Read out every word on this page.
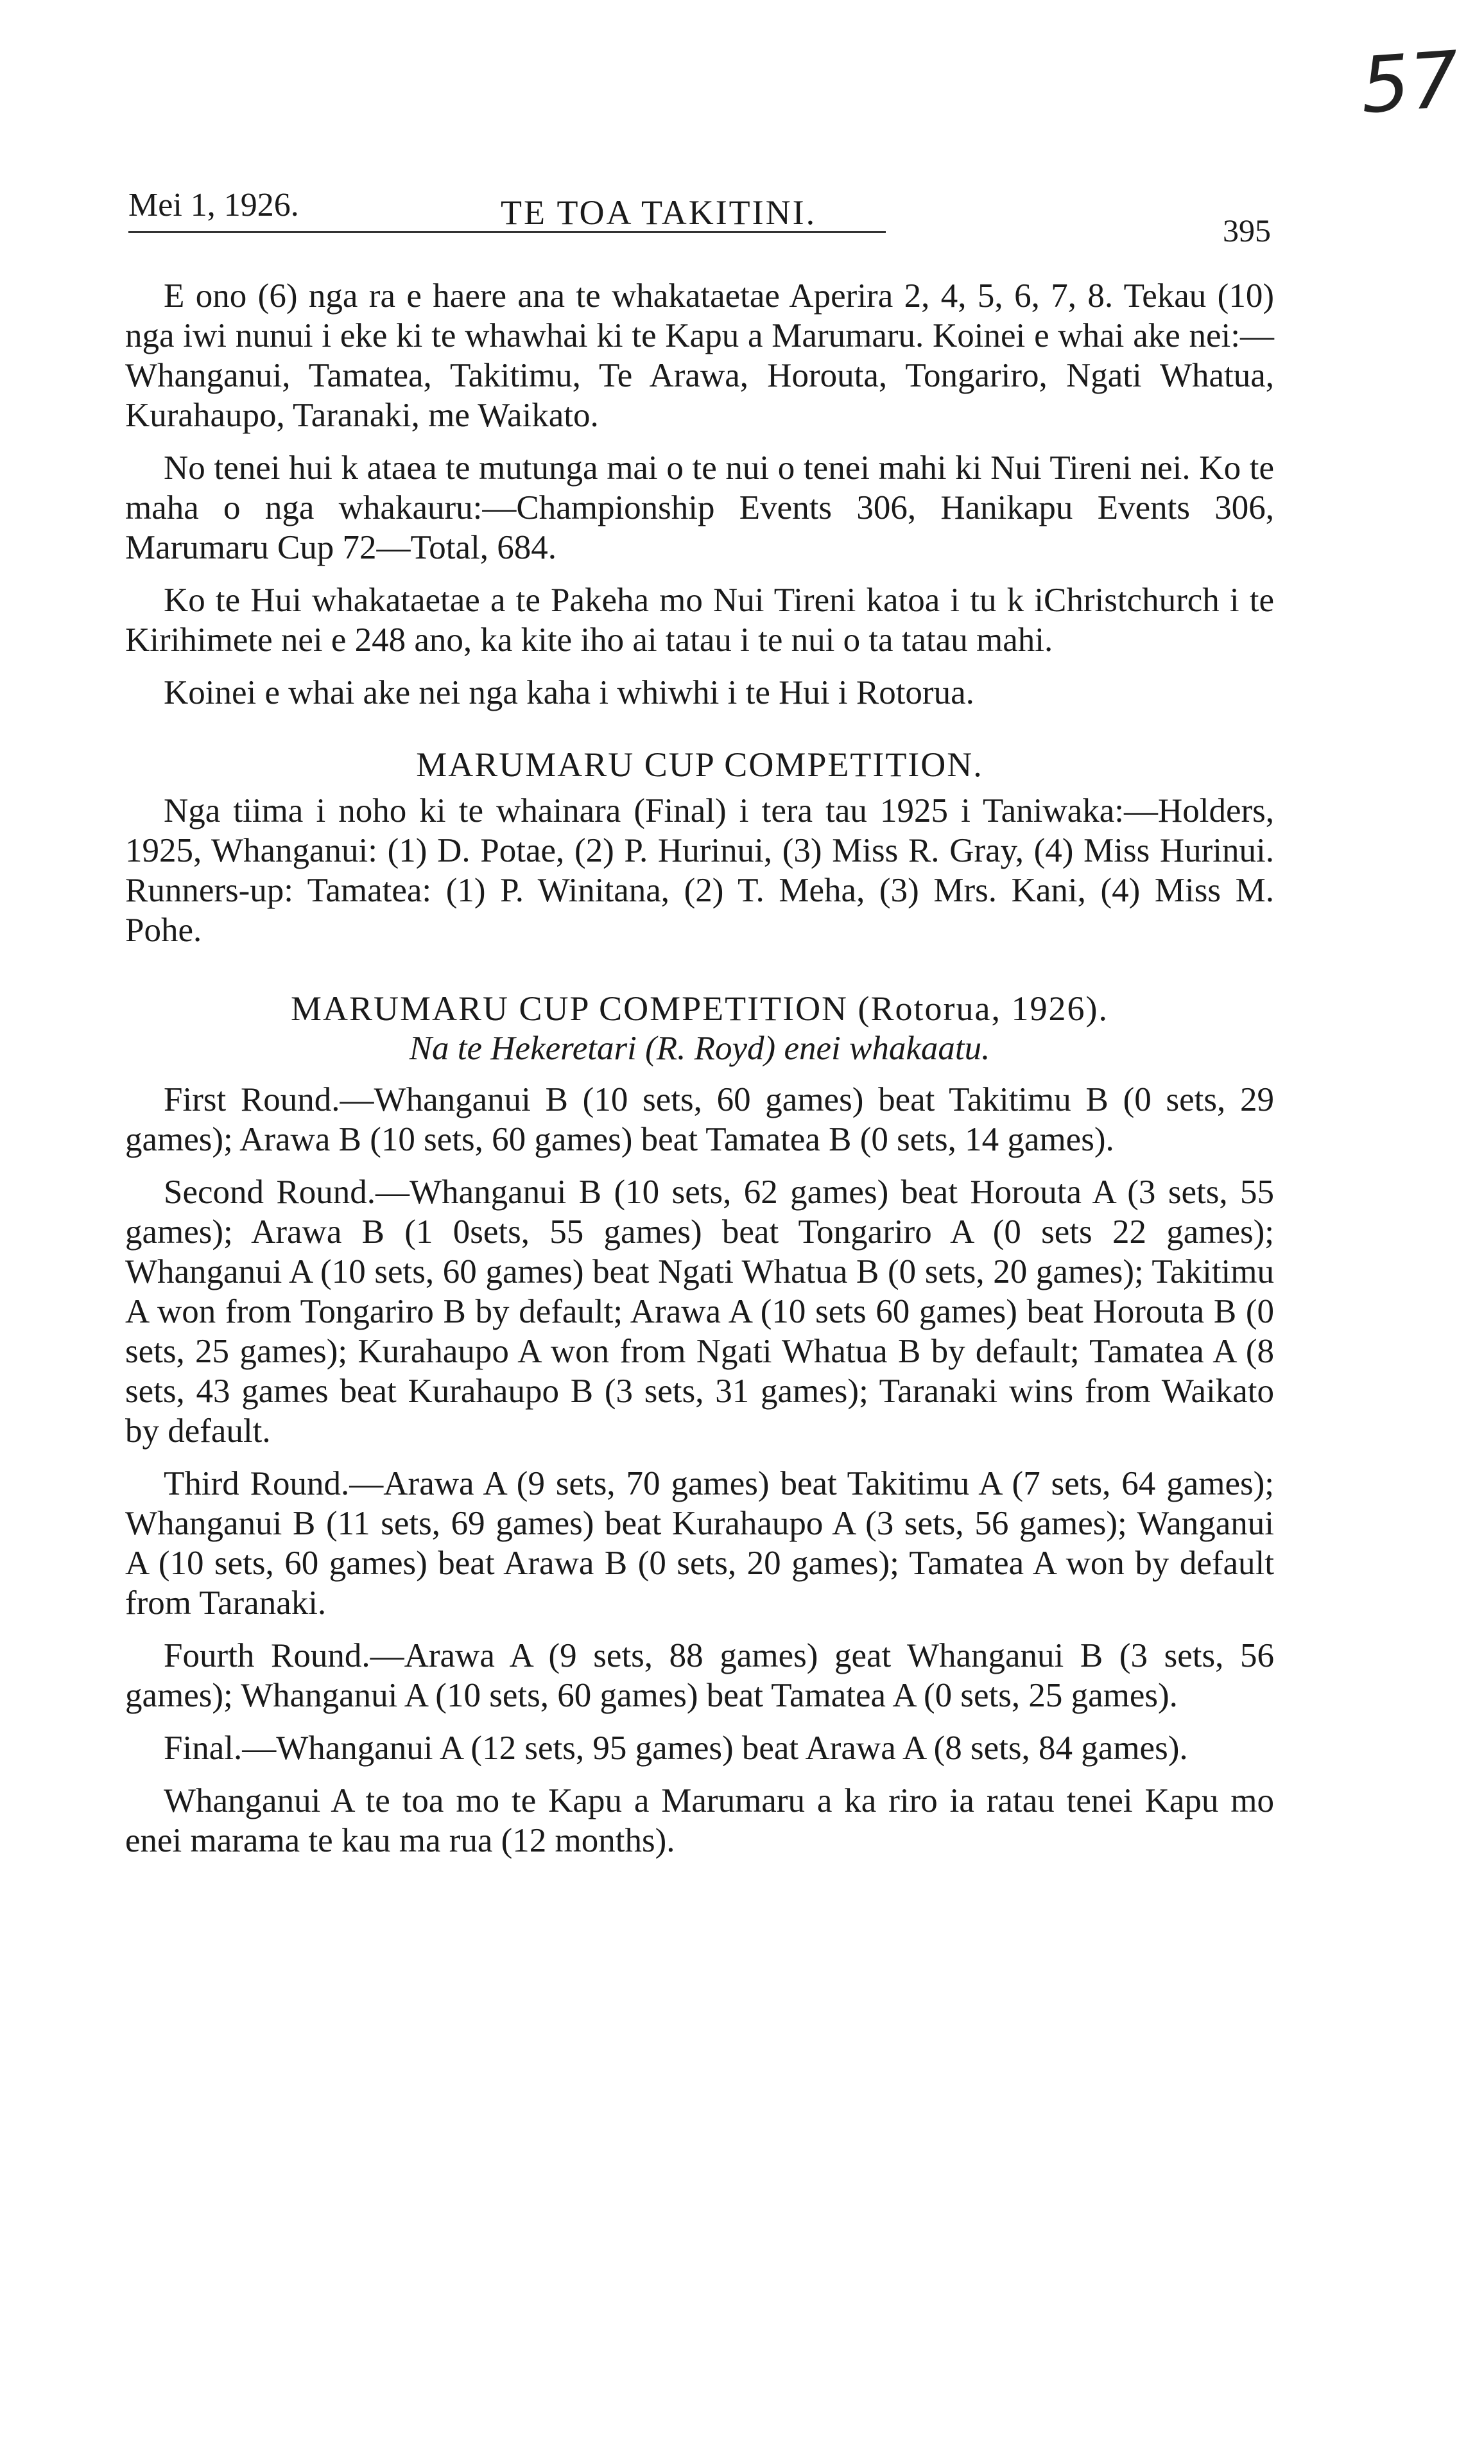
57
Mei 1, 1926.	TE TOA TAKITINI.	395

E ono (6) nga ra e haere ana te whakataetae Aperira 2, 4, 5, 6, 7, 8. Tekau (10) nga iwi nunui i eke ki te whawhai ki te Kapu a Marumaru. Koinei e whai ake nei:—Whanganui, Tamatea, Takitimu, Te Arawa, Horouta, Tongariro, Ngati Whatua, Kurahaupo, Taranaki, me Waikato.

No tenei hui k ataea te mutunga mai o te nui o tenei mahi ki Nui Tireni nei. Ko te maha o nga whakauru:—Championship Events 306, Hanikapu Events 306, Marumaru Cup 72—Total, 684.

Ko te Hui whakataetae a te Pakeha mo Nui Tireni katoa i tu k iChristchurch i te Kirihimete nei e 248 ano, ka kite iho ai tatau i te nui o ta tatau mahi.

Koinei e whai ake nei nga kaha i whiwhi i te Hui i Rotorua.

MARUMARU CUP COMPETITION.

Nga tiima i noho ki te whainara (Final) i tera tau 1925 i Taniwaka:—Holders, 1925, Whanganui: (1) D. Potae, (2) P. Hurinui, (3) Miss R. Gray, (4) Miss Hurinui. Runners-up: Tamatea: (1) P. Winitana, (2) T. Meha, (3) Mrs. Kani, (4) Miss M. Pohe.

MARUMARU CUP COMPETITION (Rotorua, 1926).
Na te Hekeretari (R. Royd) enei whakaatu.

First Round.—Whanganui B (10 sets, 60 games) beat Takitimu B (0 sets, 29 games); Arawa B (10 sets, 60 games) beat Tamatea B (0 sets, 14 games).

Second Round.—Whanganui B (10 sets, 62 games) beat Horouta A (3 sets, 55 games); Arawa B (1 0sets, 55 games) beat Tongariro A (0 sets 22 games); Whanganui A (10 sets, 60 games) beat Ngati Whatua B (0 sets, 20 games); Takitimu A won from Tongariro B by default; Arawa A (10 sets 60 games) beat Horouta B (0 sets, 25 games); Kurahaupo A won from Ngati Whatua B by default; Tamatea A (8 sets, 43 games beat Kurahaupo B (3 sets, 31 games); Taranaki wins from Waikato by default.

Third Round.—Arawa A (9 sets, 70 games) beat Takitimu A (7 sets, 64 games); Whanganui B (11 sets, 69 games) beat Kurahaupo A (3 sets, 56 games); Wanganui A (10 sets, 60 games) beat Arawa B (0 sets, 20 games); Tamatea A won by default from Taranaki.

Fourth Round.—Arawa A (9 sets, 88 games) geat Whanganui B (3 sets, 56 games); Whanganui A (10 sets, 60 games) beat Tamatea A (0 sets, 25 games).

Final.—Whanganui A (12 sets, 95 games) beat Arawa A (8 sets, 84 games).

Whanganui A te toa mo te Kapu a Marumaru a ka riro ia ratau tenei Kapu mo enei marama te kau ma rua (12 months).
